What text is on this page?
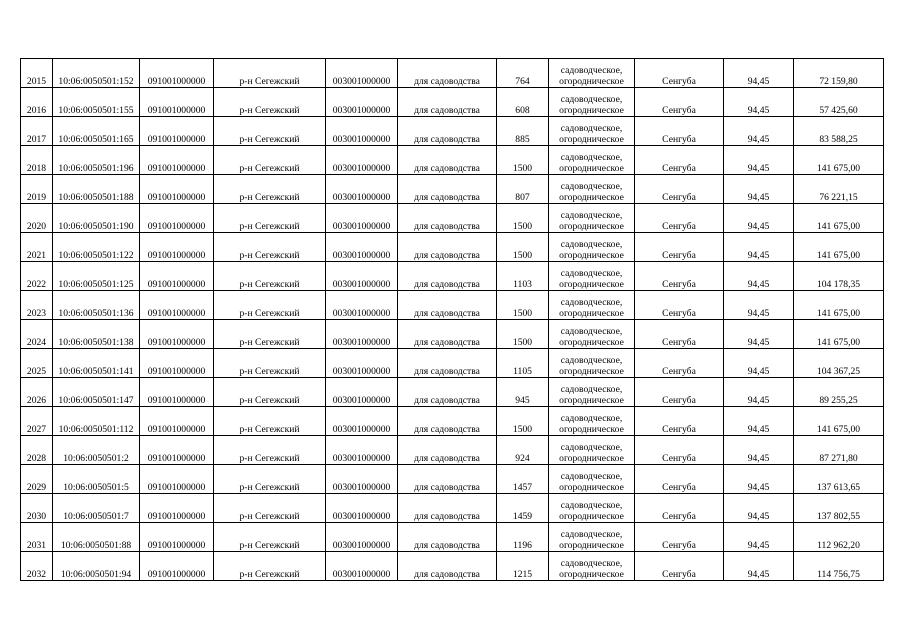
2015	10:06:0050501:152	091001000000	р-н Сегежский	003001000000	для садоводства	764	садоводческое,
огородническое	Сенгуба	94,45	72 159,80
2016	10:06:0050501:155	091001000000	р-н Сегежский	003001000000	для садоводства	608	садоводческое,
огородническое	Сенгуба	94,45	57 425,60
2017	10:06:0050501:165	091001000000	р-н Сегежский	003001000000	для садоводства	885	садоводческое,
огородническое	Сенгуба	94,45	83 588,25
2018	10:06:0050501:196	091001000000	р-н Сегежский	003001000000	для садоводства	1500	садоводческое,
огородническое	Сенгуба	94,45	141 675,00
2019	10:06:0050501:188	091001000000	р-н Сегежский	003001000000	для садоводства	807	садоводческое,
огородническое	Сенгуба	94,45	76 221,15
2020	10:06:0050501:190	091001000000	р-н Сегежский	003001000000	для садоводства	1500	садоводческое,
огородническое	Сенгуба	94,45	141 675,00
2021	10:06:0050501:122	091001000000	р-н Сегежский	003001000000	для садоводства	1500	садоводческое,
огородническое	Сенгуба	94,45	141 675,00
2022	10:06:0050501:125	091001000000	р-н Сегежский	003001000000	для садоводства	1103	садоводческое,
огородническое	Сенгуба	94,45	104 178,35
2023	10:06:0050501:136	091001000000	р-н Сегежский	003001000000	для садоводства	1500	садоводческое,
огородническое	Сенгуба	94,45	141 675,00
2024	10:06:0050501:138	091001000000	р-н Сегежский	003001000000	для садоводства	1500	садоводческое,
огородническое	Сенгуба	94,45	141 675,00
2025	10:06:0050501:141	091001000000	р-н Сегежский	003001000000	для садоводства	1105	садоводческое,
огородническое	Сенгуба	94,45	104 367,25
2026	10:06:0050501:147	091001000000	р-н Сегежский	003001000000	для садоводства	945	садоводческое,
огородническое	Сенгуба	94,45	89 255,25
2027	10:06:0050501:112	091001000000	р-н Сегежский	003001000000	для садоводства	1500	садоводческое,
огородническое	Сенгуба	94,45	141 675,00
2028	10:06:0050501:2	091001000000	р-н Сегежский	003001000000	для садоводства	924	садоводческое,
огородническое	Сенгуба	94,45	87 271,80
2029	10:06:0050501:5	091001000000	р-н Сегежский	003001000000	для садоводства	1457	садоводческое,
огородническое	Сенгуба	94,45	137 613,65
2030	10:06:0050501:7	091001000000	р-н Сегежский	003001000000	для садоводства	1459	садоводческое,
огородническое	Сенгуба	94,45	137 802,55
2031	10:06:0050501:88	091001000000	р-н Сегежский	003001000000	для садоводства	1196	садоводческое,
огородническое	Сенгуба	94,45	112 962,20
2032	10:06:0050501:94	091001000000	р-н Сегежский	003001000000	для садоводства	1215	садоводческое,
огородническое	Сенгуба	94,45	114 756,75
